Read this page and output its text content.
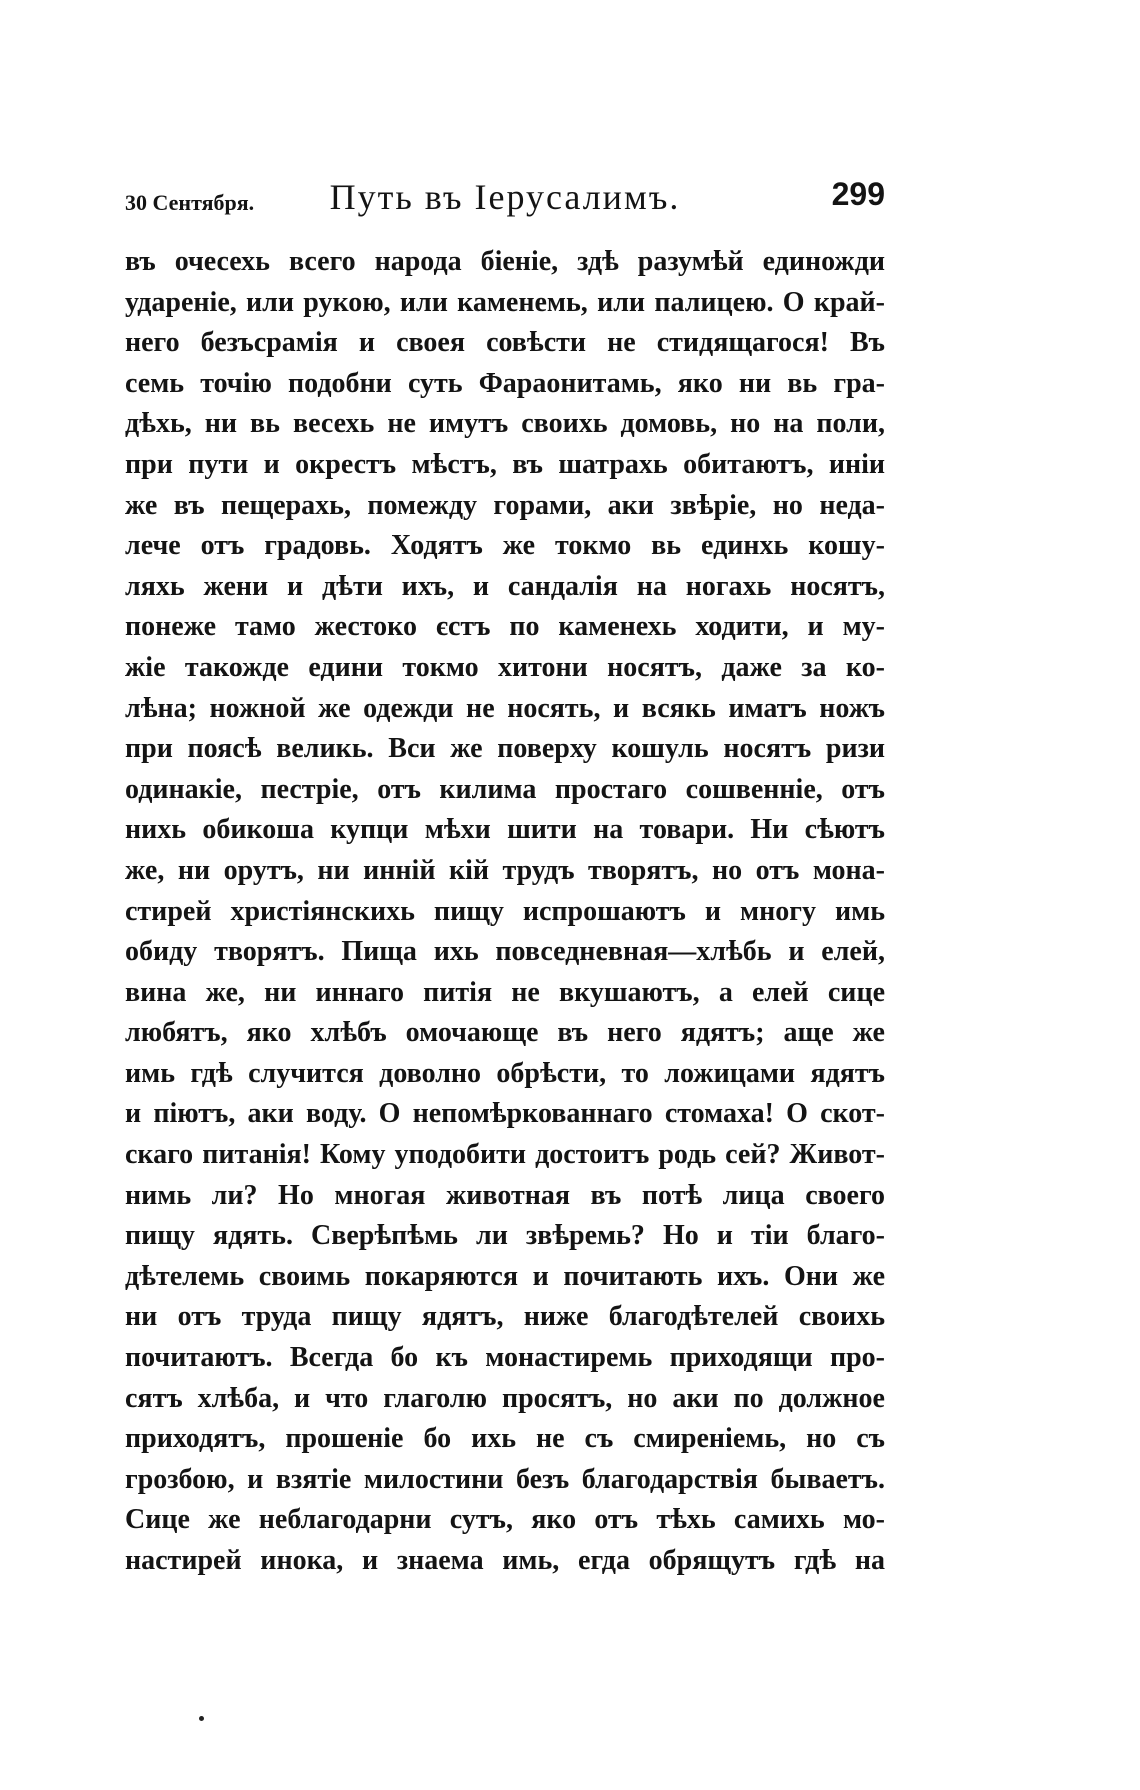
30 Сентября.	Путь въ Іерусалимъ.	299
въ очесехь всего народа біеніе, здѣ разумѣй единожди
удареніе, или рукою, или каменемь, или палицею. О край-
него безъсрамія и своея совѣсти не стидящагося! Въ
семь точію подобни суть Фараонитамь, яко ни вь гра-
дѣхь, ни вь весехь не имутъ своихь домовь, но на поли,
при пути и окрестъ мѣстъ, въ шатрахь обитаютъ, иніи
же въ пещерахь, помежду горами, аки звѣріе, но неда-
лече отъ градовь. Ходятъ же токмо вь единхь кошу-
ляхь жени и дѣти ихъ, и сандалія на ногахь носятъ,
понеже тамо жестоко єстъ по каменехь ходити, и му-
жіе такожде едини токмо хитони носятъ, даже за ко-
лѣна; ножной же одежди не носять, и всякь иматъ ножъ
при поясѣ великь. Вси же поверху кошуль носятъ ризи
одинакіе, пестріе, отъ килима простаго сошвенніе, отъ
нихь обикоша купци мѣхи шити на товари. Ни сѣютъ
же, ни орутъ, ни инній кій трудъ творятъ, но отъ мона-
стирей христіянскихь пищу испрошаютъ и многу имь
обиду творятъ. Пища ихь повседневная—хлѣбь и елей,
вина же, ни иннаго питія не вкушаютъ, а елей сице
любятъ, яко хлѣбъ омочающе въ него ядятъ; аще же
имь гдѣ случится доволно обрѣсти, то ложицами ядятъ
и піютъ, аки воду. О непомѣркованнаго стомаха! О скот-
скаго питанія! Кому уподобити достоитъ родь сей? Живот-
нимь ли? Но многая животная въ потѣ лица своего
пищу ядять. Сверѣпѣмь ли звѣремь? Но и тіи благо-
дѣтелемь своимь покаряются и почитають ихъ. Они же
ни отъ труда пищу ядятъ, ниже благодѣтелей своихь
почитаютъ. Всегда бо къ монастиремь приходящи про-
сятъ хлѣба, и что глаголю просятъ, но аки по должное
приходятъ, прошеніе бо ихь не съ смиреніемь, но съ
грозбою, и взятіе милостини безъ благодарствія бываетъ.
Сице же неблагодарни сутъ, яко отъ тѣхь самихь мо-
настирей инока, и знаема имь, егда обрящутъ гдѣ на
